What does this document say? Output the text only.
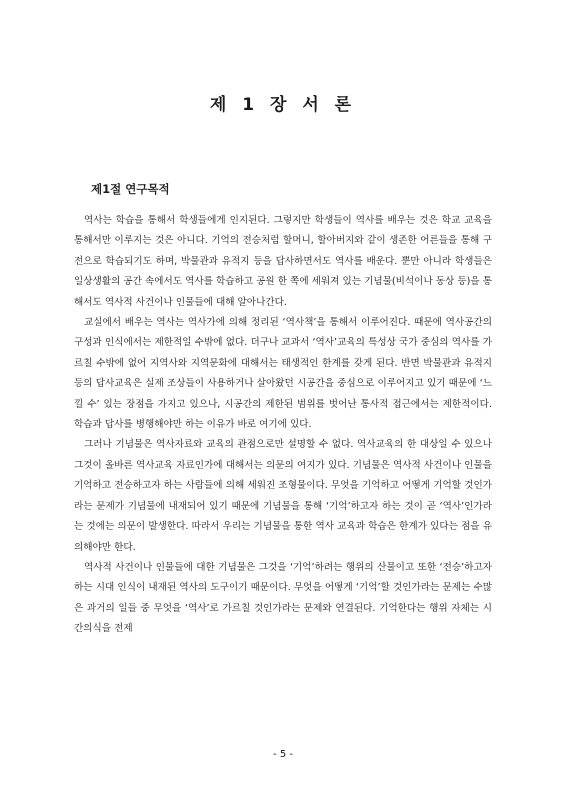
제 1 장 서 론
제1절 연구목적

역사는 학습을 통해서 학생들에게 인지된다. 그렇지만 학생들이 역사를 배우는 것은 학교 교육을 통해서만 이루지는 것은 아니다. 기억의 전승처럼 할머니, 할아버지와 같이 생존한 어른들을 통해 구전으로 학습되기도 하며, 박물관과 유적지 등을 답사하면서도 역사를 배운다. 뿐만 아니라 학생들은 일상생활의 공간 속에서도 역사를 학습하고 공원 한 쪽에 세워져 있는 기념물(비석이나 동상 등)을 통해서도 역사적 사건이나 인물들에 대해 알아나간다.

교실에서 배우는 역사는 역사가에 의해 정리된 ‘역사책’을 통해서 이루어진다. 때문에 역사공간의 구성과 인식에서는 제한적일 수밖에 없다. 더구나 교과서 ‘역사’교육의 특성상 국가 중심의 역사를 가르칠 수밖에 없어 지역사와 지역문화에 대해서는 태생적인 한계를 갖게 된다. 반면 박물관과 유적지 등의 답사교육은 실제 조상들이 사용하거나 살아왔던 시공간을 중심으로 이루어지고 있기 때문에 ‘느낄 수’ 있는 장점을 가지고 있으나, 시공간의 제한된 범위를 벗어난 통사적 접근에서는 제한적이다. 학습과 답사를 병행해야만 하는 이유가 바로 여기에 있다.

그러나 기념물은 역사자료와 교육의 관점으로만 설명할 수 없다. 역사교육의 한 대상일 수 있으나 그것이 올바른 역사교육 자료인가에 대해서는 의문의 여지가 있다. 기념물은 역사적 사건이나 인물을 기억하고 전승하고자 하는 사람들에 의해 세워진 조형물이다. 무엇을 기억하고 어떻게 기억할 것인가라는 문제가 기념물에 내재되어 있기 때문에 기념물을 통해 ‘기억’하고자 하는 것이 곧 ‘역사’인가라는 것에는 의문이 발생한다. 따라서 우리는 기념물을 통한 역사 교육과 학습은 한계가 있다는 점을 유의해야만 한다.

역사적 사건이나 인물들에 대한 기념물은 그것을 ‘기억’하려는 행위의 산물이고 또한 ‘전승’하고자 하는 시대 인식이 내재된 역사의 도구이기 때문이다. 무엇을 어떻게 ‘기억’할 것인가라는 문제는 수많은 과거의 일들 중 무엇을 ‘역사’로 가르칠 것인가라는 문제와 연결된다. 기억한다는 행위 자체는 시간의식을 전제

- 5 -
